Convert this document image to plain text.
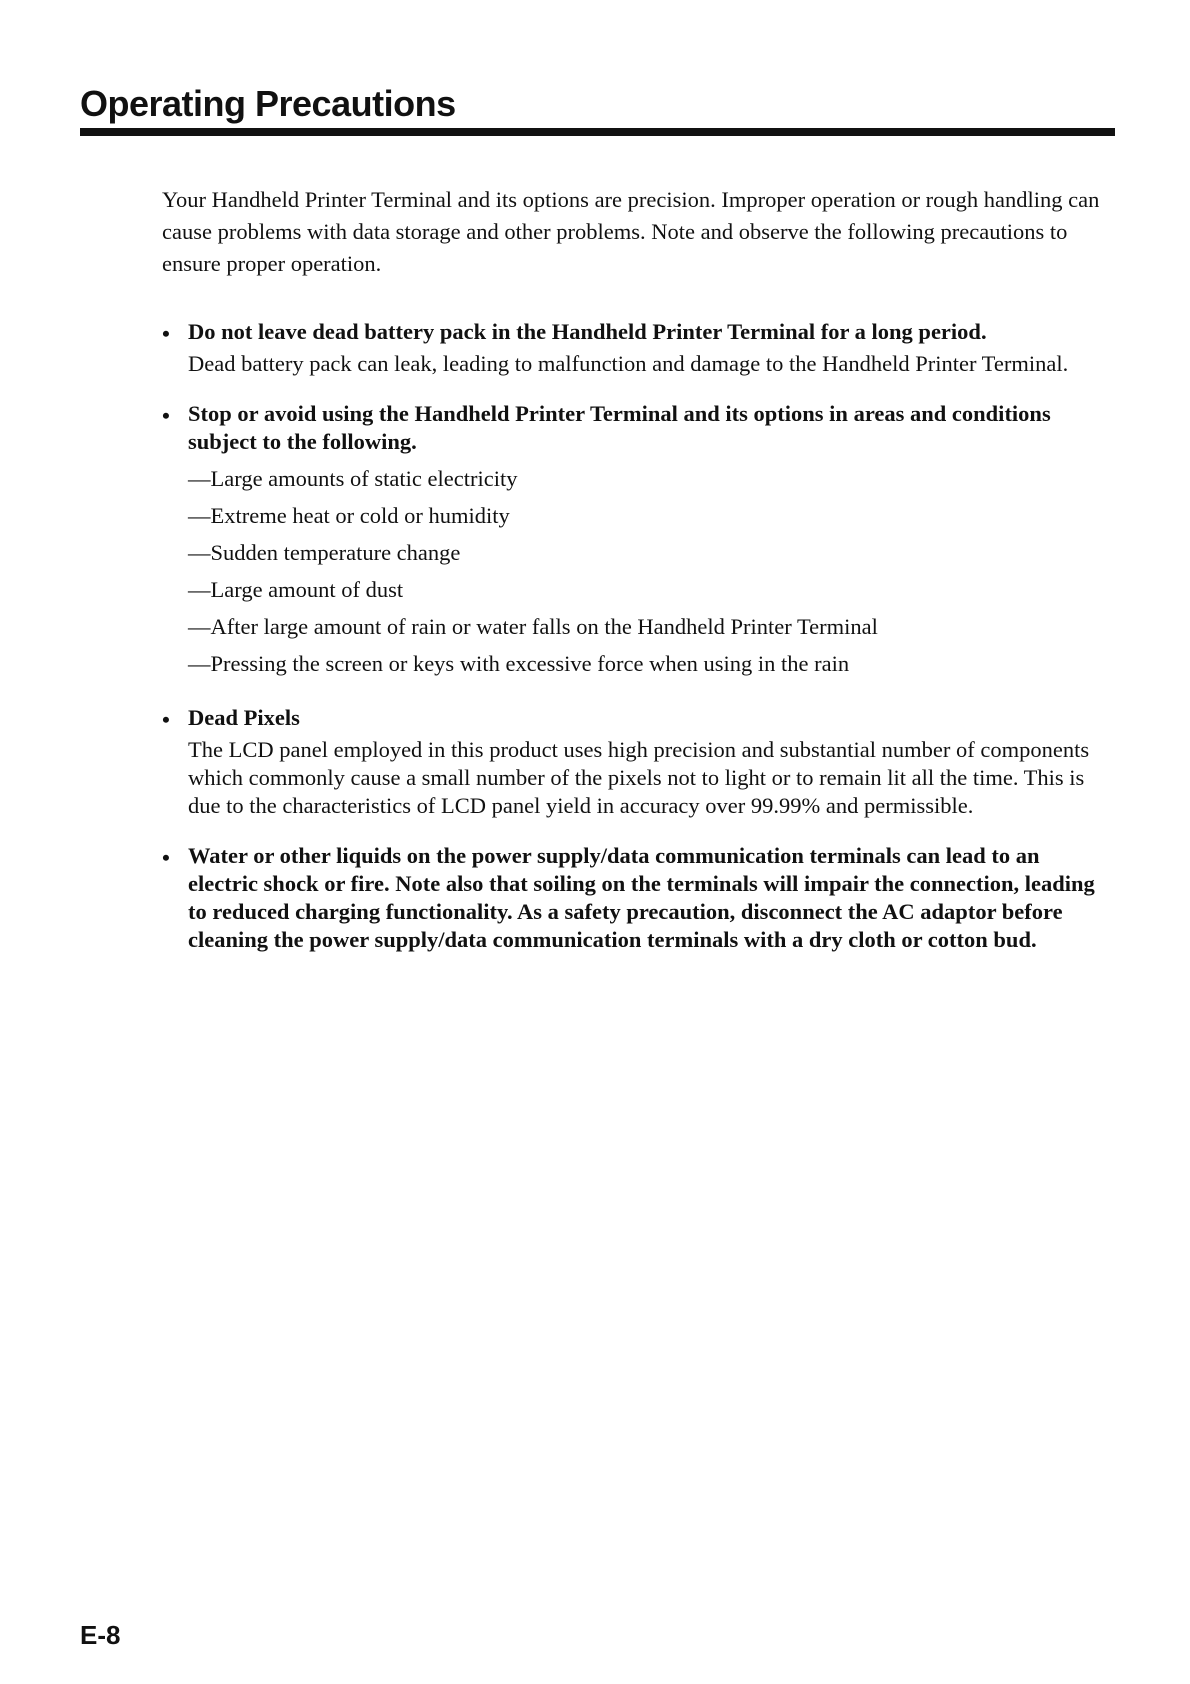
Operating Precautions

Your Handheld Printer Terminal and its options are precision. Improper operation or rough handling can cause problems with data storage and other problems. Note and observe the following precautions to ensure proper operation.

• Do not leave dead battery pack in the Handheld Printer Terminal for a long period.

Dead battery pack can leak, leading to malfunction and damage to the Handheld Printer Terminal.

• Stop or avoid using the Handheld Printer Terminal and its options in areas and conditions subject to the following.

—Large amounts of static electricity
—Extreme heat or cold or humidity
—Sudden temperature change
—Large amount of dust
—After large amount of rain or water falls on the Handheld Printer Terminal
—Pressing the screen or keys with excessive force when using in the rain
• Dead Pixels

The LCD panel employed in this product uses high precision and substantial number of components which commonly cause a small number of the pixels not to light or to remain lit all the time. This is due to the characteristics of LCD panel yield in accuracy over 99.99% and permissible.

• Water or other liquids on the power supply/data communication terminals can lead to an electric shock or fire. Note also that soiling on the terminals will impair the connection, leading to reduced charging functionality. As a safety precaution, disconnect the AC adaptor before cleaning the power supply/data communication terminals with a dry cloth or cotton bud.

E-8
